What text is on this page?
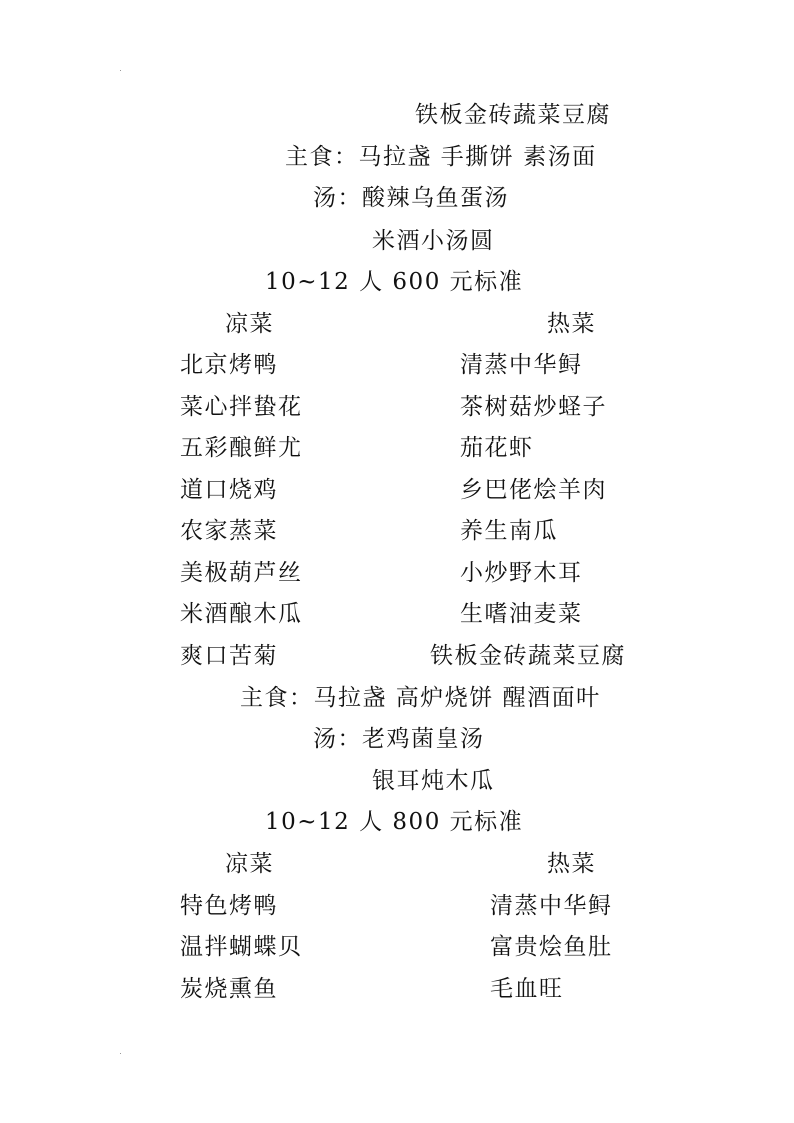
铁板金砖蔬菜豆腐
主食：马拉盏 手撕饼 素汤面
汤：酸辣乌鱼蛋汤
米酒小汤圆
10~12 人 600 元标准
凉菜	热菜
北京烤鸭
菜心拌蛰花
五彩酿鲜尤
道口烧鸡
农家蒸菜
美极葫芦丝
米酒酿木瓜
爽口苦菊
清蒸中华鲟
茶树菇炒蛏子
茄花虾
乡巴佬烩羊肉
养生南瓜
小炒野木耳
生嗜油麦菜
铁板金砖蔬菜豆腐
主食：马拉盏 高炉烧饼 醒酒面叶
汤：老鸡菌皇汤
银耳炖木瓜
10~12 人 800 元标准
凉菜	热菜
特色烤鸭
温拌蝴蝶贝
炭烧熏鱼
清蒸中华鲟
富贵烩鱼肚
毛血旺
